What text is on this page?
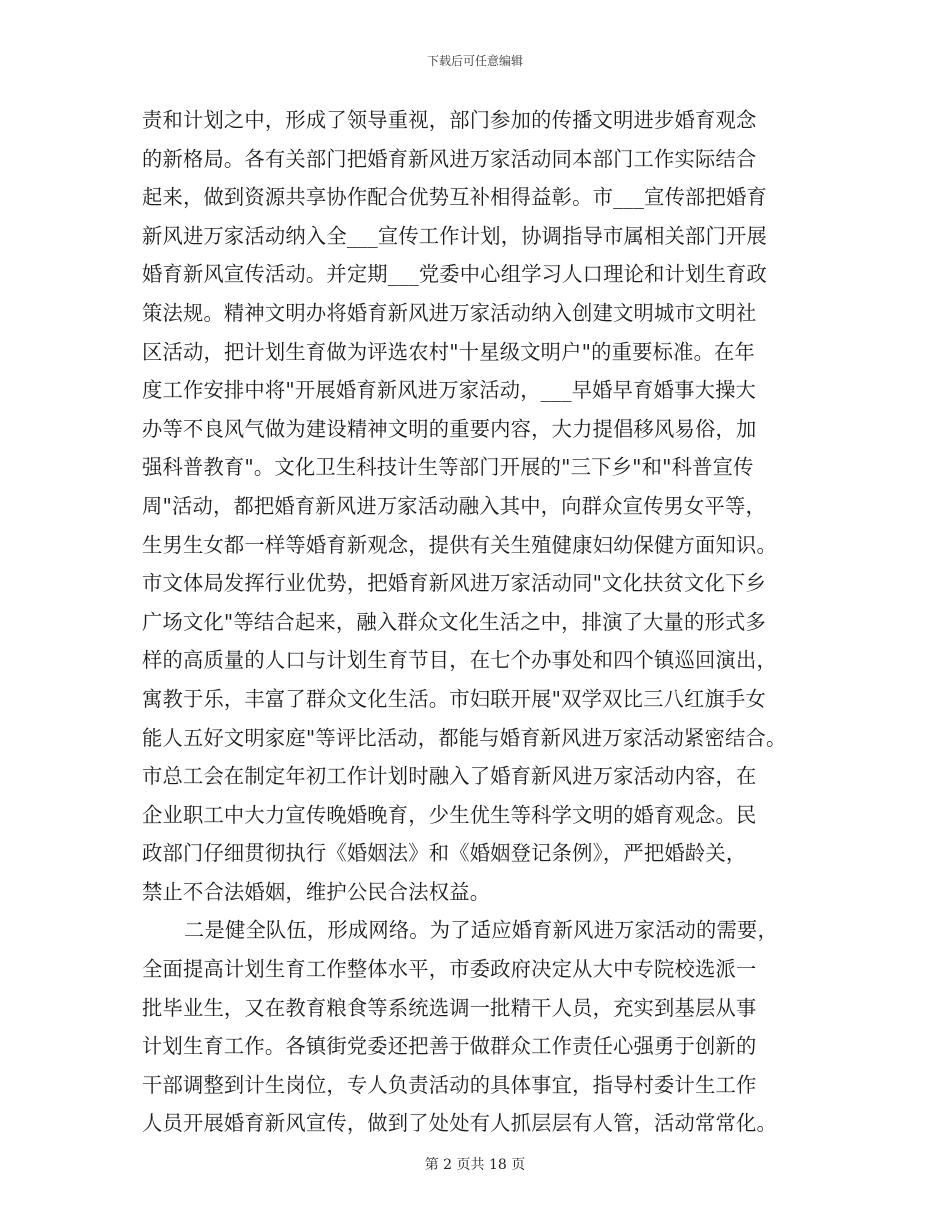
下载后可任意编辑
责和计划之中，形成了领导重视，部门参加的传播文明进步婚育观念
的新格局。各有关部门把婚育新风进万家活动同本部门工作实际结合
起来，做到资源共享协作配合优势互补相得益彰。市___宣传部把婚育
新风进万家活动纳入全___宣传工作计划，协调指导市属相关部门开展
婚育新风宣传活动。并定期___党委中心组学习人口理论和计划生育政
策法规。精神文明办将婚育新风进万家活动纳入创建文明城市文明社
区活动，把计划生育做为评选农村"十星级文明户"的重要标准。在年
度工作安排中将"开展婚育新风进万家活动，___早婚早育婚事大操大
办等不良风气做为建设精神文明的重要内容，大力提倡移风易俗，加
强科普教育"。文化卫生科技计生等部门开展的"三下乡"和"科普宣传
周"活动，都把婚育新风进万家活动融入其中，向群众宣传男女平等，
生男生女都一样等婚育新观念，提供有关生殖健康妇幼保健方面知识。
市文体局发挥行业优势，把婚育新风进万家活动同"文化扶贫文化下乡
广场文化"等结合起来，融入群众文化生活之中，排演了大量的形式多
样的高质量的人口与计划生育节目，在七个办事处和四个镇巡回演出，
寓教于乐，丰富了群众文化生活。市妇联开展"双学双比三八红旗手女
能人五好文明家庭"等评比活动，都能与婚育新风进万家活动紧密结合。
市总工会在制定年初工作计划时融入了婚育新风进万家活动内容，在
企业职工中大力宣传晚婚晚育，少生优生等科学文明的婚育观念。民
政部门仔细贯彻执行《婚姻法》和《婚姻登记条例》，严把婚龄关，
禁止不合法婚姻，维护公民合法权益。
二是健全队伍，形成网络。为了适应婚育新风进万家活动的需要，
全面提高计划生育工作整体水平，市委政府决定从大中专院校选派一
批毕业生，又在教育粮食等系统选调一批精干人员，充实到基层从事
计划生育工作。各镇街党委还把善于做群众工作责任心强勇于创新的
干部调整到计生岗位，专人负责活动的具体事宜，指导村委计生工作
人员开展婚育新风宣传，做到了处处有人抓层层有人管，活动常常化。
第 2 页共 18 页
